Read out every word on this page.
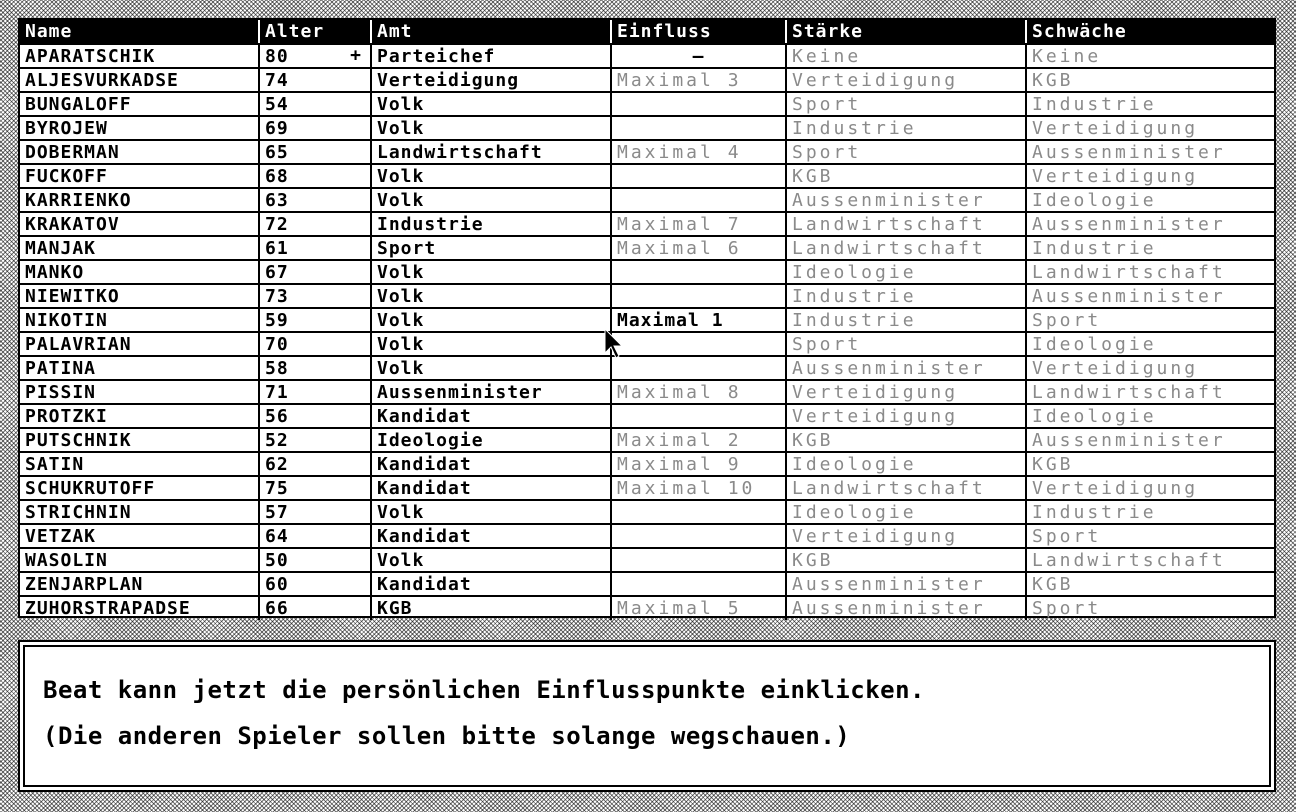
Name	Alter	Amt	Einfluss	Stärke	Schwäche
APARATSCHIK	80 +	Parteichef	—	Keine	Keine
ALJESVURKADSE	74	Verteidigung	Maximal 3	Verteidigung	KGB
BUNGALOFF	54	Volk		Sport	Industrie
BYROJEW	69	Volk		Industrie	Verteidigung
DOBERMAN	65	Landwirtschaft	Maximal 4	Sport	Aussenminister
FUCKOFF	68	Volk		KGB	Verteidigung
KARRIENKO	63	Volk		Aussenminister	Ideologie
KRAKATOV	72	Industrie	Maximal 7	Landwirtschaft	Aussenminister
MANJAK	61	Sport	Maximal 6	Landwirtschaft	Industrie
MANKO	67	Volk		Ideologie	Landwirtschaft
NIEWITKO	73	Volk		Industrie	Aussenminister
NIKOTIN	59	Volk	Maximal 1	Industrie	Sport
PALAVRIAN	70	Volk		Sport	Ideologie
PATINA	58	Volk		Aussenminister	Verteidigung
PISSIN	71	Aussenminister	Maximal 8	Verteidigung	Landwirtschaft
PROTZKI	56	Kandidat		Verteidigung	Ideologie
PUTSCHNIK	52	Ideologie	Maximal 2	KGB	Aussenminister
SATIN	62	Kandidat	Maximal 9	Ideologie	KGB
SCHUKRUTOFF	75	Kandidat	Maximal 10	Landwirtschaft	Verteidigung
STRICHNIN	57	Volk		Ideologie	Industrie
VETZAK	64	Kandidat		Verteidigung	Sport
WASOLIN	50	Volk		KGB	Landwirtschaft
ZENJARPLAN	60	Kandidat		Aussenminister	KGB
ZUHORSTRAPADSE	66	KGB	Maximal 5	Aussenminister	Sport
Beat kann jetzt die persönlichen Einflusspunkte einklicken.
(Die anderen Spieler sollen bitte solange wegschauen.)
